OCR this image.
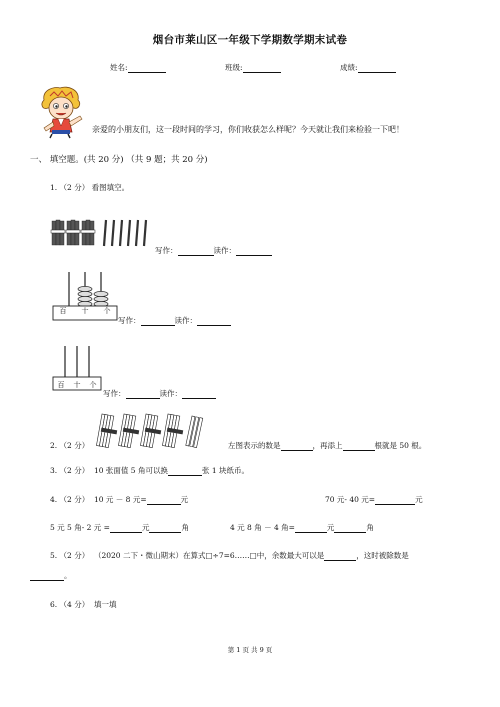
烟台市莱山区一年级下学期数学期末试卷
姓名:	班级:	成绩:
亲爱的小朋友们，这一段时间的学习，你们收获怎么样呢？今天就让我们来检验一下吧！
一、 填空题。(共 20 分) （共 9 题；共 20 分)
1. （2 分） 看图填空。
写作：	读作：
百 十 个
写作：	读作：
百 十 个
写作：	读作：
2. （2 分）	左图表示的数是	，再添上	根就是 50 根。
3. （2 分） 10 张面值 5 角可以换	张 1 块纸币。
4. （2 分） 10 元 － 8 元=	元	70 元- 40 元=	元
5 元 5 角- 2 元 =	元	角	4 元 8 角 － 4 角=	元	角
5. （2 分） （2020 二下・微山期末）在算式□÷7=6……□中，余数最大可以是	，这时被除数是
。
6. （4 分） 填一填
第 1 页 共 9 页
